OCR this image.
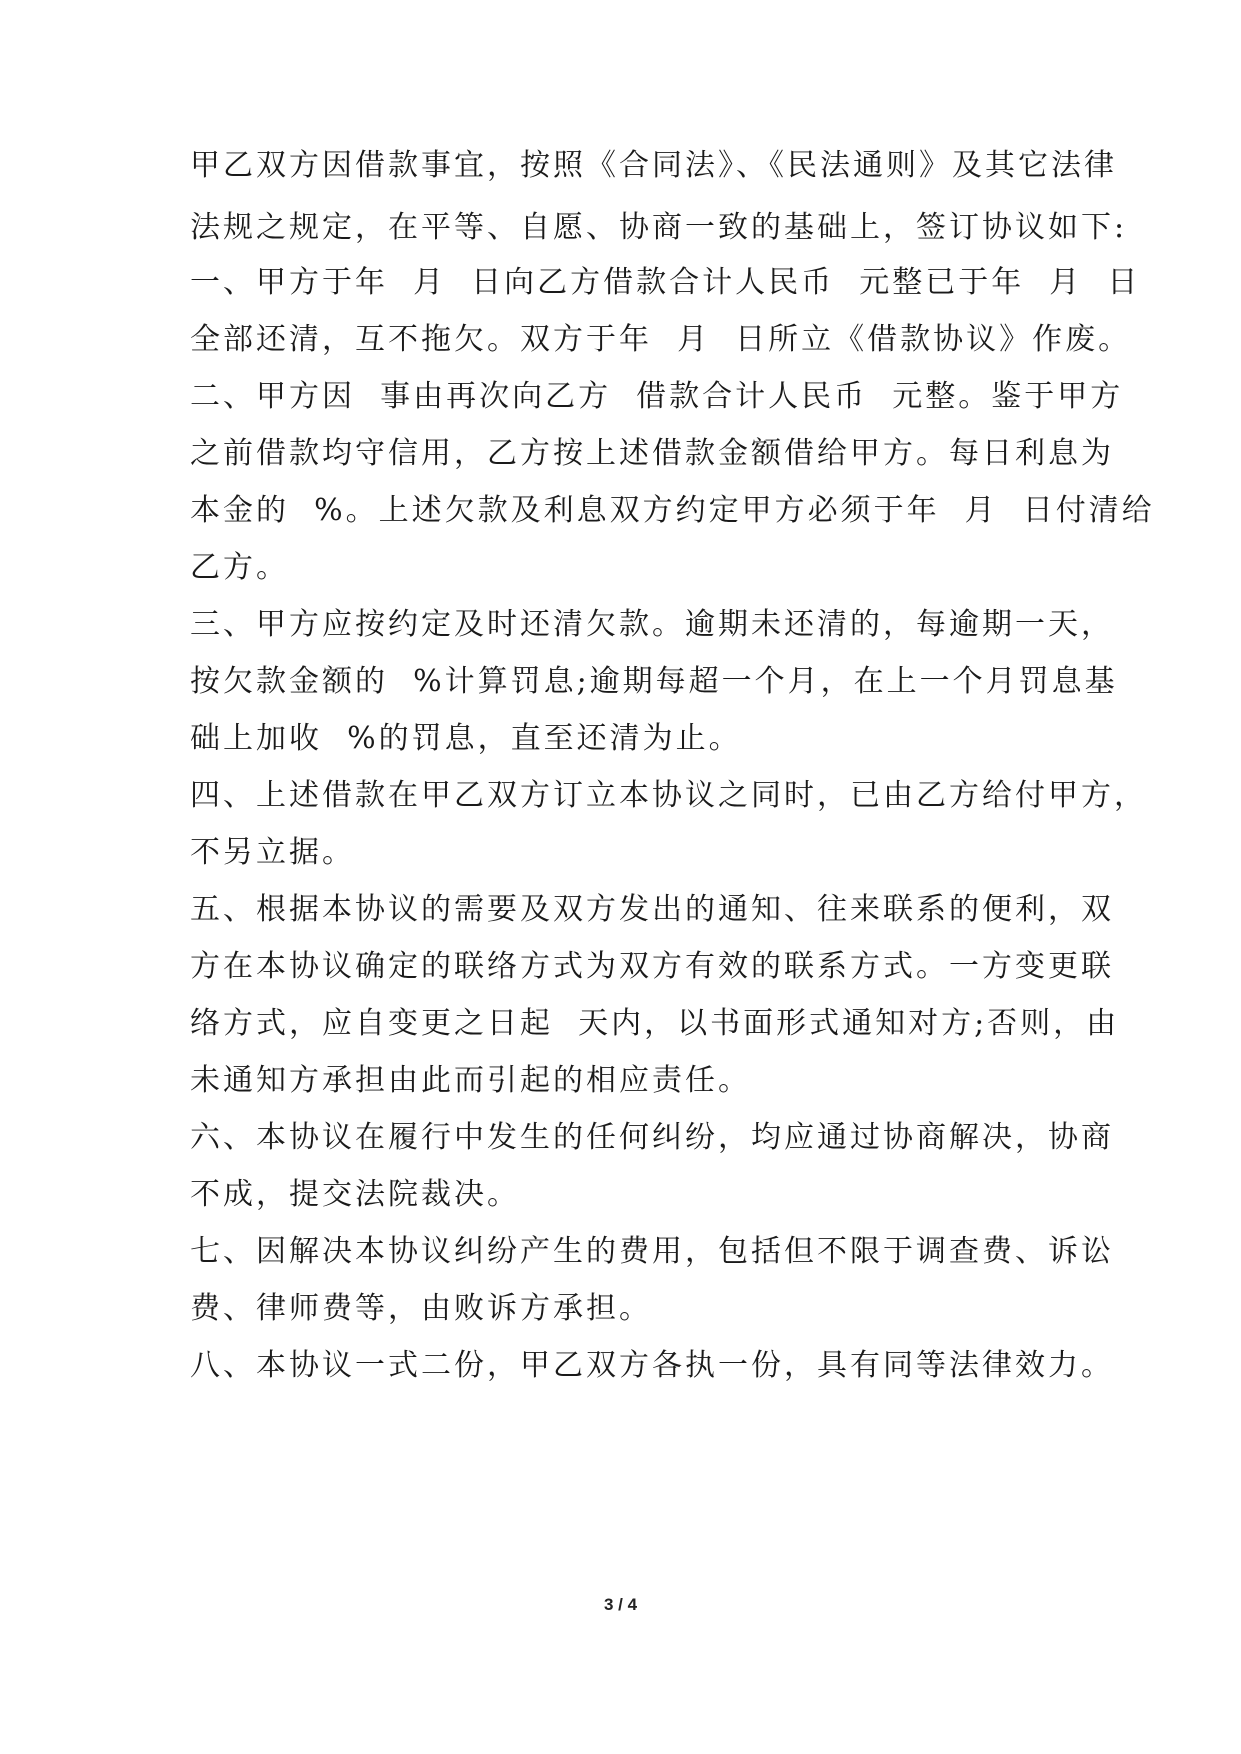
甲乙双方因借款事宜，按照《合同法》、《民法通则》及其它法律
法规之规定，在平等、自愿、协商一致的基础上，签订协议如下:
一、甲方于年  月  日向乙方借款合计人民币  元整已于年  月  日
全部还清，互不拖欠。双方于年  月  日所立《借款协议》作废。
二、甲方因  事由再次向乙方  借款合计人民币  元整。鉴于甲方
之前借款均守信用，乙方按上述借款金额借给甲方。每日利息为
本金的  %。上述欠款及利息双方约定甲方必须于年  月  日付清给
乙方。
三、甲方应按约定及时还清欠款。逾期未还清的，每逾期一天，
按欠款金额的  %计算罚息;逾期每超一个月，在上一个月罚息基
础上加收  %的罚息，直至还清为止。
四、上述借款在甲乙双方订立本协议之同时，已由乙方给付甲方，
不另立据。
五、根据本协议的需要及双方发出的通知、往来联系的便利，双
方在本协议确定的联络方式为双方有效的联系方式。一方变更联
络方式，应自变更之日起  天内，以书面形式通知对方;否则，由
未通知方承担由此而引起的相应责任。
六、本协议在履行中发生的任何纠纷，均应通过协商解决，协商
不成，提交法院裁决。
七、因解决本协议纠纷产生的费用，包括但不限于调查费、诉讼
费、律师费等，由败诉方承担。
八、本协议一式二份，甲乙双方各执一份，具有同等法律效力。
3 / 4
